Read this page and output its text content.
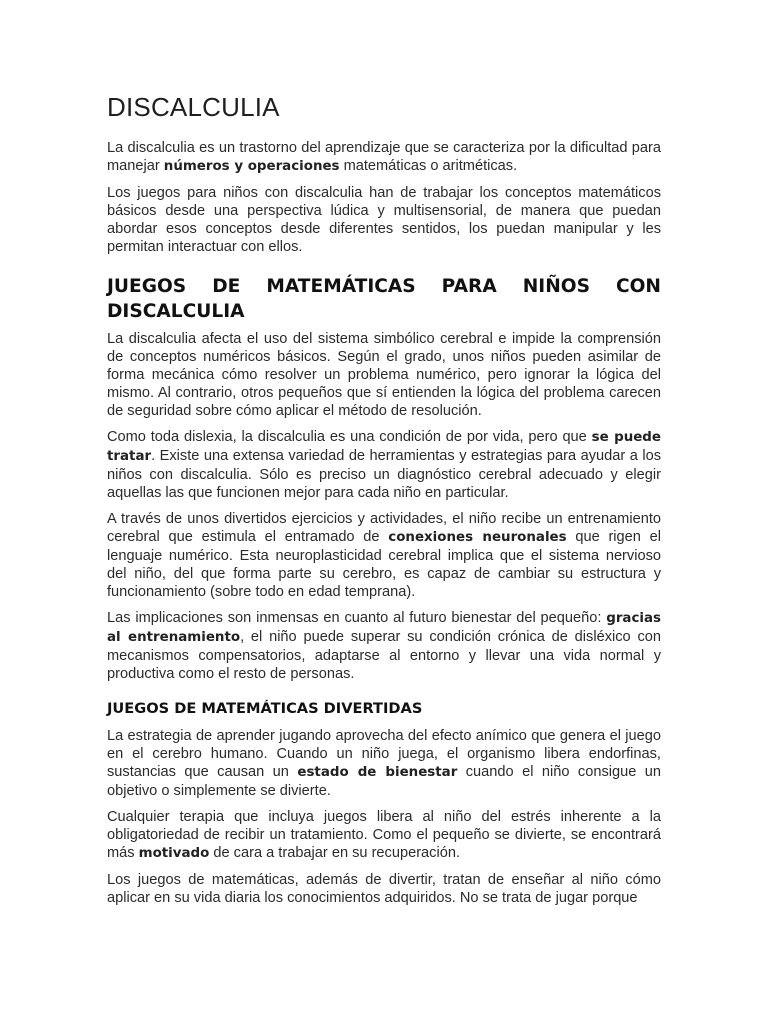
DISCALCULIA

La discalculia es un trastorno del aprendizaje que se caracteriza por la dificultad para manejar números y operaciones matemáticas o aritméticas.

Los juegos para niños con discalculia han de trabajar los conceptos matemáticos básicos desde una perspectiva lúdica y multisensorial, de manera que puedan abordar esos conceptos desde diferentes sentidos, los puedan manipular y les permitan interactuar con ellos.

JUEGOS DE MATEMÁTICAS PARA NIÑOS CON DISCALCULIA

La discalculia afecta el uso del sistema simbólico cerebral e impide la comprensión de conceptos numéricos básicos. Según el grado, unos niños pueden asimilar de forma mecánica cómo resolver un problema numérico, pero ignorar la lógica del mismo. Al contrario, otros pequeños que sí entienden la lógica del problema carecen de seguridad sobre cómo aplicar el método de resolución.

Como toda dislexia, la discalculia es una condición de por vida, pero que se puede tratar. Existe una extensa variedad de herramientas y estrategias para ayudar a los niños con discalculia. Sólo es preciso un diagnóstico cerebral adecuado y elegir aquellas las que funcionen mejor para cada niño en particular.

A través de unos divertidos ejercicios y actividades, el niño recibe un entrenamiento cerebral que estimula el entramado de conexiones neuronales que rigen el lenguaje numérico. Esta neuroplasticidad cerebral implica que el sistema nervioso del niño, del que forma parte su cerebro, es capaz de cambiar su estructura y funcionamiento (sobre todo en edad temprana).

Las implicaciones son inmensas en cuanto al futuro bienestar del pequeño: gracias al entrenamiento, el niño puede superar su condición crónica de disléxico con mecanismos compensatorios, adaptarse al entorno y llevar una vida normal y productiva como el resto de personas.

JUEGOS DE MATEMÁTICAS DIVERTIDAS

La estrategia de aprender jugando aprovecha del efecto anímico que genera el juego en el cerebro humano. Cuando un niño juega, el organismo libera endorfinas, sustancias que causan un estado de bienestar cuando el niño consigue un objetivo o simplemente se divierte.

Cualquier terapia que incluya juegos libera al niño del estrés inherente a la obligatoriedad de recibir un tratamiento. Como el pequeño se divierte, se encontrará más motivado de cara a trabajar en su recuperación.

Los juegos de matemáticas, además de divertir, tratan de enseñar al niño cómo aplicar en su vida diaria los conocimientos adquiridos. No se trata de jugar porque
